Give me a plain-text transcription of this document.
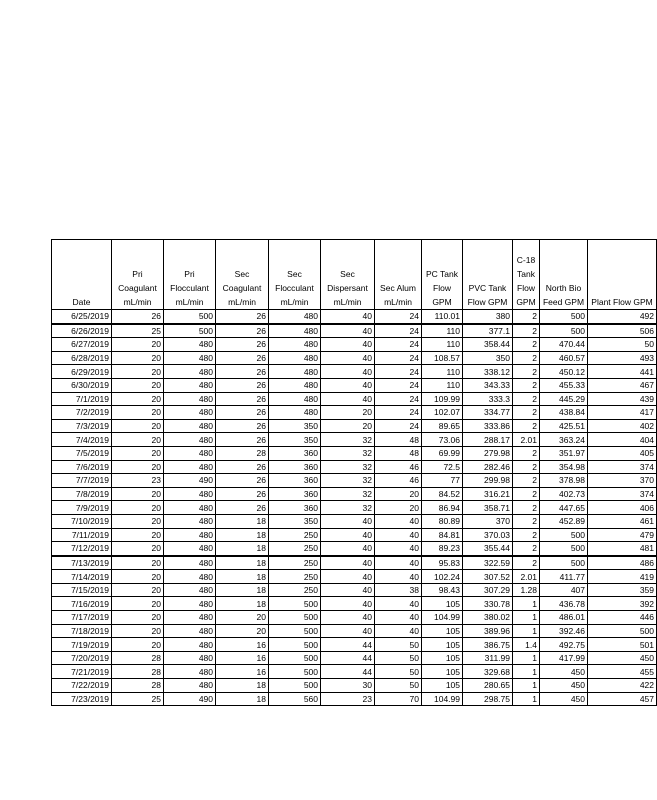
Date	Pri Coagulant mL/min	Pri Flocculant mL/min	Sec Coagulant mL/min	Sec Flocculant mL/min	Sec Dispersant mL/min	Sec Alum mL/min	PC Tank Flow GPM	PVC Tank Flow GPM	C-18 Tank Flow GPM	North Bio Feed GPM	Plant Flow GPM
6/25/2019	26	500	26	480	40	24	110.01	380	2	500	492
6/26/2019	25	500	26	480	40	24	110	377.1	2	500	506
6/27/2019	20	480	26	480	40	24	110	358.44	2	470.44	50
6/28/2019	20	480	26	480	40	24	108.57	350	2	460.57	493
6/29/2019	20	480	26	480	40	24	110	338.12	2	450.12	441
6/30/2019	20	480	26	480	40	24	110	343.33	2	455.33	467
7/1/2019	20	480	26	480	40	24	109.99	333.3	2	445.29	439
7/2/2019	20	480	26	480	20	24	102.07	334.77	2	438.84	417
7/3/2019	20	480	26	350	20	24	89.65	333.86	2	425.51	402
7/4/2019	20	480	26	350	32	48	73.06	288.17	2.01	363.24	404
7/5/2019	20	480	28	360	32	48	69.99	279.98	2	351.97	405
7/6/2019	20	480	26	360	32	46	72.5	282.46	2	354.98	374
7/7/2019	23	490	26	360	32	46	77	299.98	2	378.98	370
7/8/2019	20	480	26	360	32	20	84.52	316.21	2	402.73	374
7/9/2019	20	480	26	360	32	20	86.94	358.71	2	447.65	406
7/10/2019	20	480	18	350	40	40	80.89	370	2	452.89	461
7/11/2019	20	480	18	250	40	40	84.81	370.03	2	500	479
7/12/2019	20	480	18	250	40	40	89.23	355.44	2	500	481
7/13/2019	20	480	18	250	40	40	95.83	322.59	2	500	486
7/14/2019	20	480	18	250	40	40	102.24	307.52	2.01	411.77	419
7/15/2019	20	480	18	250	40	38	98.43	307.29	1.28	407	359
7/16/2019	20	480	18	500	40	40	105	330.78	1	436.78	392
7/17/2019	20	480	20	500	40	40	104.99	380.02	1	486.01	446
7/18/2019	20	480	20	500	40	40	105	389.96	1	392.46	500
7/19/2019	20	480	16	500	44	50	105	386.75	1.4	492.75	501
7/20/2019	28	480	16	500	44	50	105	311.99	1	417.99	450
7/21/2019	28	480	16	500	44	50	105	329.68	1	450	455
7/22/2019	28	480	18	500	30	50	105	280.65	1	450	422
7/23/2019	25	490	18	560	23	70	104.99	298.75	1	450	457
